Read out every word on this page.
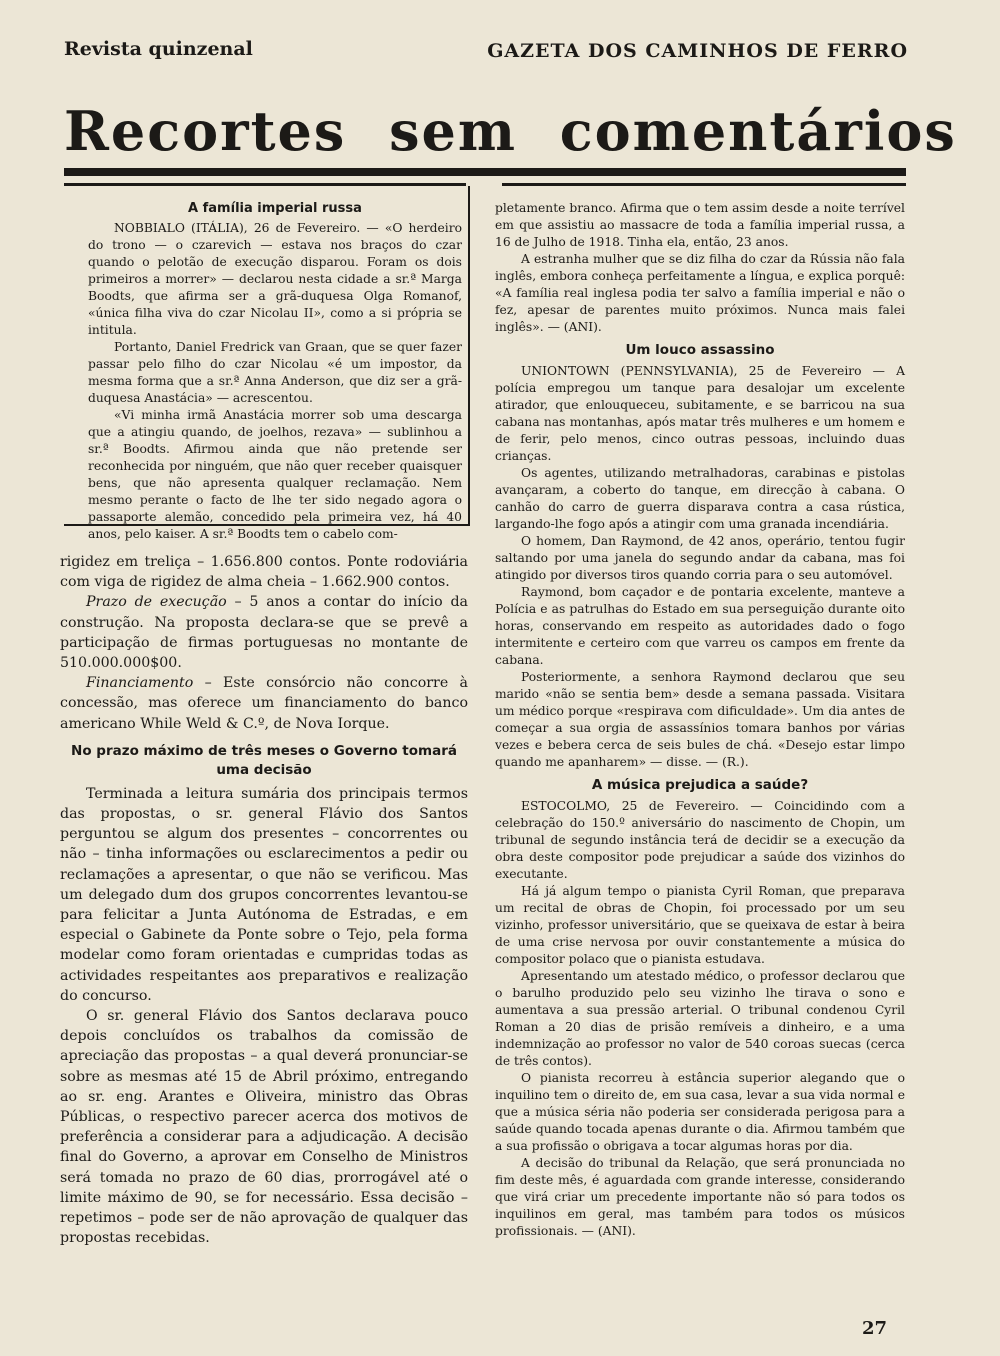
Revista quinzenal	GAZETA DOS CAMINHOS DE FERRO
Recortes sem comentários
A família imperial russa

NOBBIALO (ITÁLIA), 26 de Fevereiro. — «O herdeiro do trono — o czarevich — estava nos braços do czar quando o pelotão de execução disparou. Foram os dois primeiros a morrer» — declarou nesta cidade a sr.ª Marga Boodts, que afirma ser a grã-duquesa Olga Romanof, «única filha viva do czar Nicolau II», como a si própria se intitula.

Portanto, Daniel Fredrick van Graan, que se quer fazer passar pelo filho do czar Nicolau «é um impostor, da mesma forma que a sr.ª Anna Anderson, que diz ser a grã-duquesa Anastácia» — acrescentou.

«Vi minha irmã Anastácia morrer sob uma descarga que a atingiu quando, de joelhos, rezava» — sublinhou a sr.ª Boodts. Afirmou ainda que não pretende ser reconhecida por ninguém, que não quer receber quaisquer bens, que não apresenta qualquer reclamação. Nem mesmo perante o facto de lhe ter sido negado agora o passaporte alemão, concedido pela primeira vez, há 40 anos, pelo kaiser. A sr.ª Boodts tem o cabelo com-

rigidez em treliça – 1.656.800 contos. Ponte rodoviária com viga de rigidez de alma cheia – 1.662.900 contos.

Prazo de execução – 5 anos a contar do início da construção. Na proposta declara-se que se prevê a participação de firmas portuguesas no montante de 510.000.000$00.

Financiamento – Este consórcio não concorre à concessão, mas oferece um financiamento do banco americano While Weld & C.º, de Nova Iorque.

No prazo máximo de três meses o Governo tomará uma decisão

Terminada a leitura sumária dos principais termos das propostas, o sr. general Flávio dos Santos perguntou se algum dos presentes – concorrentes ou não – tinha informações ou esclarecimentos a pedir ou reclamações a apresentar, o que não se verificou. Mas um delegado dum dos grupos concorrentes levantou-se para felicitar a Junta Autónoma de Estradas, e em especial o Gabinete da Ponte sobre o Tejo, pela forma modelar como foram orientadas e cumpridas todas as actividades respeitantes aos preparativos e realização do concurso.

O sr. general Flávio dos Santos declarava pouco depois concluídos os trabalhos da comissão de apreciação das propostas – a qual deverá pronunciar-se sobre as mesmas até 15 de Abril próximo, entregando ao sr. eng. Arantes e Oliveira, ministro das Obras Públicas, o respectivo parecer acerca dos motivos de preferência a considerar para a adjudicação. A decisão final do Governo, a aprovar em Conselho de Ministros será tomada no prazo de 60 dias, prorrogável até o limite máximo de 90, se for necessário. Essa decisão – repetimos – pode ser de não aprovação de qualquer das propostas recebidas.

pletamente branco. Afirma que o tem assim desde a noite terrível em que assistiu ao massacre de toda a família imperial russa, a 16 de Julho de 1918. Tinha ela, então, 23 anos.

A estranha mulher que se diz filha do czar da Rússia não fala inglês, embora conheça perfeitamente a língua, e explica porquê: «A família real inglesa podia ter salvo a família imperial e não o fez, apesar de parentes muito próximos. Nunca mais falei inglês». — (ANI).

Um louco assassino

UNIONTOWN (PENNSYLVANIA), 25 de Fevereiro — A polícia empregou um tanque para desalojar um excelente atirador, que enlouqueceu, subitamente, e se barricou na sua cabana nas montanhas, após matar três mulheres e um homem e de ferir, pelo menos, cinco outras pessoas, incluindo duas crianças.

Os agentes, utilizando metralhadoras, carabinas e pistolas avançaram, a coberto do tanque, em direcção à cabana. O canhão do carro de guerra disparava contra a casa rústica, largando-lhe fogo após a atingir com uma granada incendiária.

O homem, Dan Raymond, de 42 anos, operário, tentou fugir saltando por uma janela do segundo andar da cabana, mas foi atingido por diversos tiros quando corria para o seu automóvel.

Raymond, bom caçador e de pontaria excelente, manteve a Polícia e as patrulhas do Estado em sua perseguição durante oito horas, conservando em respeito as autoridades dado o fogo intermitente e certeiro com que varreu os campos em frente da cabana.

Posteriormente, a senhora Raymond declarou que seu marido «não se sentia bem» desde a semana passada. Visitara um médico porque «respirava com dificuldade». Um dia antes de começar a sua orgia de assassínios tomara banhos por várias vezes e bebera cerca de seis bules de chá. «Desejo estar limpo quando me apanharem» — disse. — (R.).

A música prejudica a saúde?

ESTOCOLMO, 25 de Fevereiro. — Coincidindo com a celebração do 150.º aniversário do nascimento de Chopin, um tribunal de segundo instância terá de decidir se a execução da obra deste compositor pode prejudicar a saúde dos vizinhos do executante.

Há já algum tempo o pianista Cyril Roman, que preparava um recital de obras de Chopin, foi processado por um seu vizinho, professor universitário, que se queixava de estar à beira de uma crise nervosa por ouvir constantemente a música do compositor polaco que o pianista estudava.

Apresentando um atestado médico, o professor declarou que o barulho produzido pelo seu vizinho lhe tirava o sono e aumentava a sua pressão arterial. O tribunal condenou Cyril Roman a 20 dias de prisão remíveis a dinheiro, e a uma indemnização ao professor no valor de 540 coroas suecas (cerca de três contos).

O pianista recorreu à estância superior alegando que o inquilino tem o direito de, em sua casa, levar a sua vida normal e que a música séria não poderia ser considerada perigosa para a saúde quando tocada apenas durante o dia. Afirmou também que a sua profissão o obrigava a tocar algumas horas por dia.

A decisão do tribunal da Relação, que será pronunciada no fim deste mês, é aguardada com grande interesse, considerando que virá criar um precedente importante não só para todos os inquilinos em geral, mas também para todos os músicos profissionais. — (ANI).

27
